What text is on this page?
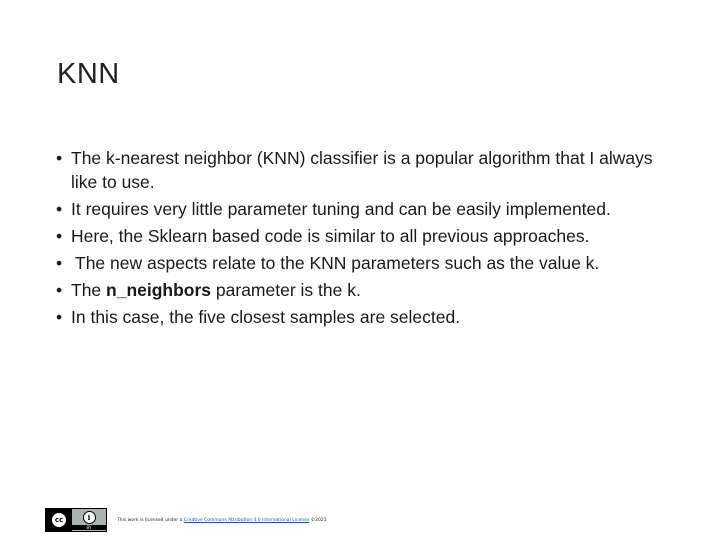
KNN
• The k-nearest neighbor (KNN) classifier is a popular algorithm that I always like to use.
• It requires very little parameter tuning and can be easily implemented.
• Here, the Sklearn based code is similar to all previous approaches.
• The new aspects relate to the KNN parameters such as the value k.
• The n_neighbors parameter is the k.
• In this case, the five closest samples are selected.
cc	i
BY
This work is licensed under a Creative Commons Attribution 4.0 International License ©2021
